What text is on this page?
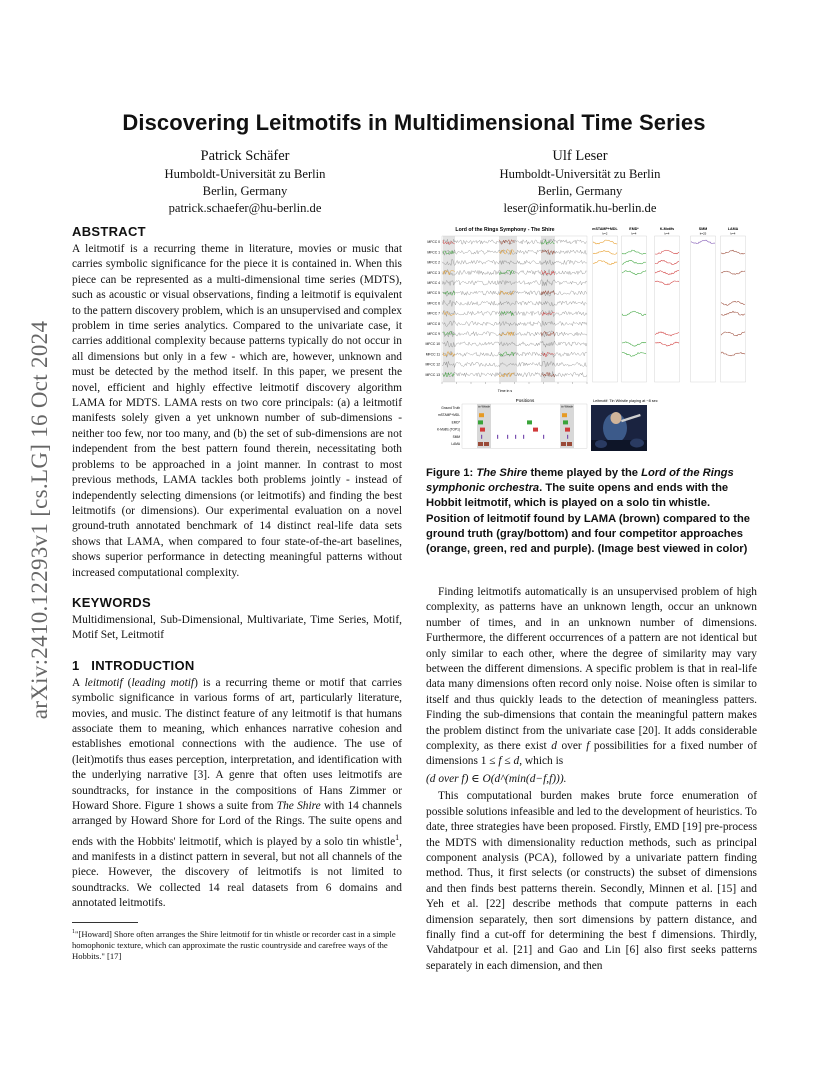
arXiv:2410.12293v1 [cs.LG] 16 Oct 2024
Discovering Leitmotifs in Multidimensional Time Series
Patrick Schäfer
Humboldt-Universität zu Berlin
Berlin, Germany
patrick.schaefer@hu-berlin.de
Ulf Leser
Humboldt-Universität zu Berlin
Berlin, Germany
leser@informatik.hu-berlin.de
ABSTRACT

A leitmotif is a recurring theme in literature, movies or music that carries symbolic significance for the piece it is contained in. When this piece can be represented as a multi-dimensional time series (MDTS), such as acoustic or visual observations, finding a leitmotif is equivalent to the pattern discovery problem, which is an unsupervised and complex problem in time series analytics. Compared to the univariate case, it carries additional complexity because patterns typically do not occur in all dimensions but only in a few - which are, however, unknown and must be detected by the method itself. In this paper, we present the novel, efficient and highly effective leitmotif discovery algorithm LAMA for MDTS. LAMA rests on two core principals: (a) a leitmotif manifests solely given a yet unknown number of sub-dimensions - neither too few, nor too many, and (b) the set of sub-dimensions are not independent from the best pattern found therein, necessitating both problems to be approached in a joint manner. In contrast to most previous methods, LAMA tackles both problems jointly - instead of independently selecting dimensions (or leitmotifs) and finding the best leitmotifs (or dimensions). Our experimental evaluation on a novel ground-truth annotated benchmark of 14 distinct real-life data sets shows that LAMA, when compared to four state-of-the-art baselines, shows superior performance in detecting meaningful patterns without increased computational complexity.

KEYWORDS

Multidimensional, Sub-Dimensional, Multivariate, Time Series, Motif, Motif Set, Leitmotif

1 INTRODUCTION

A leitmotif (leading motif) is a recurring theme or motif that carries symbolic significance in various forms of art, particularly literature, movies, and music. The distinct feature of any leitmotif is that humans associate them to meaning, which enhances narrative cohesion and establishes emotional connections with the audience. The use of (leit)motifs thus eases perception, interpretation, and identification with the underlying narrative [3]. A genre that often uses leitmotifs are soundtracks, for instance in the compositions of Hans Zimmer or Howard Shore. Figure 1 shows a suite from The Shire with 14 channels arranged by Howard Shore for Lord of the Rings. The suite opens and ends with the Hobbits' leitmotif, which is played by a solo tin whistle$^1$, and manifests in a distinct pattern in several, but not all channels of the piece. However, the discovery of leitmotifs is not limited to soundtracks. We collected 14 real datasets from 6 domains and annotated leitmotifs.

$^1$"[Howard] Shore often arranges the Shire leitmotif for tin whistle or recorder cast in a simple homophonic texture, which can approximate the rustic countryside and carefree ways of the Hobbits." [17]
Lord of the Rings Symphony - The Shire	mSTAMP+MDL
k=2
EMD*
k=4
K-Motifs
k=4
SMM
k=25
LAMA
k=4
MFCC 0
MFCC 1
MFCC 2
MFCC 3
MFCC 4
MFCC 5
MFCC 6
MFCC 7
MFCC 8
MFCC 9
MFCC 10
MFCC 11
MFCC 12
MFCC 13
Time in s
Positions
Ground Truth
mSTAMP+MDL
EMD*
K-Motifs (TOP1)
SMM
LAMA
tin Whistle	tin Whistle
Leitmotif: Tin Whistle playing at ~8 sec
Figure 1: The Shire theme played by the Lord of the Rings symphonic orchestra. The suite opens and ends with the Hobbit leitmotif, which is played on a solo tin whistle. Position of leitmotif found by LAMA (brown) compared to the ground truth (gray/bottom) and four competitor approaches (orange, green, red and purple). (Image best viewed in color)

Finding leitmotifs automatically is an unsupervised problem of high complexity, as patterns have an unknown length, occur an unknown number of times, and in an unknown number of dimensions. Furthermore, the different occurrences of a pattern are not identical but only similar to each other, where the degree of similarity may vary between the different dimensions. A specific problem is that in real-life data many dimensions often record only noise. Noise often is similar to itself and thus quickly leads to the detection of meaningless patters. Finding the sub-dimensions that contain the meaningful pattern makes the problem distinct from the univariate case [20]. It adds considerable complexity, as there exist d over f possibilities for a fixed number of dimensions 1 ≤ f ≤ d, which is

(d over f) ∈ O(d^(min(d−f,f))).

This computational burden makes brute force enumeration of possible solutions infeasible and led to the development of heuristics. To date, three strategies have been proposed. Firstly, EMD [19] pre-process the MDTS with dimensionality reduction methods, such as principal component analysis (PCA), followed by a univariate pattern finding method. Thus, it first selects (or constructs) the subset of dimensions and then finds best patterns therein. Secondly, Minnen et al. [15] and Yeh et al. [22] describe methods that compute patterns in each dimension separately, then sort dimensions by pattern distance, and finally find a cut-off for determining the best f dimensions. Thirdly, Vahdatpour et al. [21] and Gao and Lin [6] also first seeks patterns separately in each dimension, and then
